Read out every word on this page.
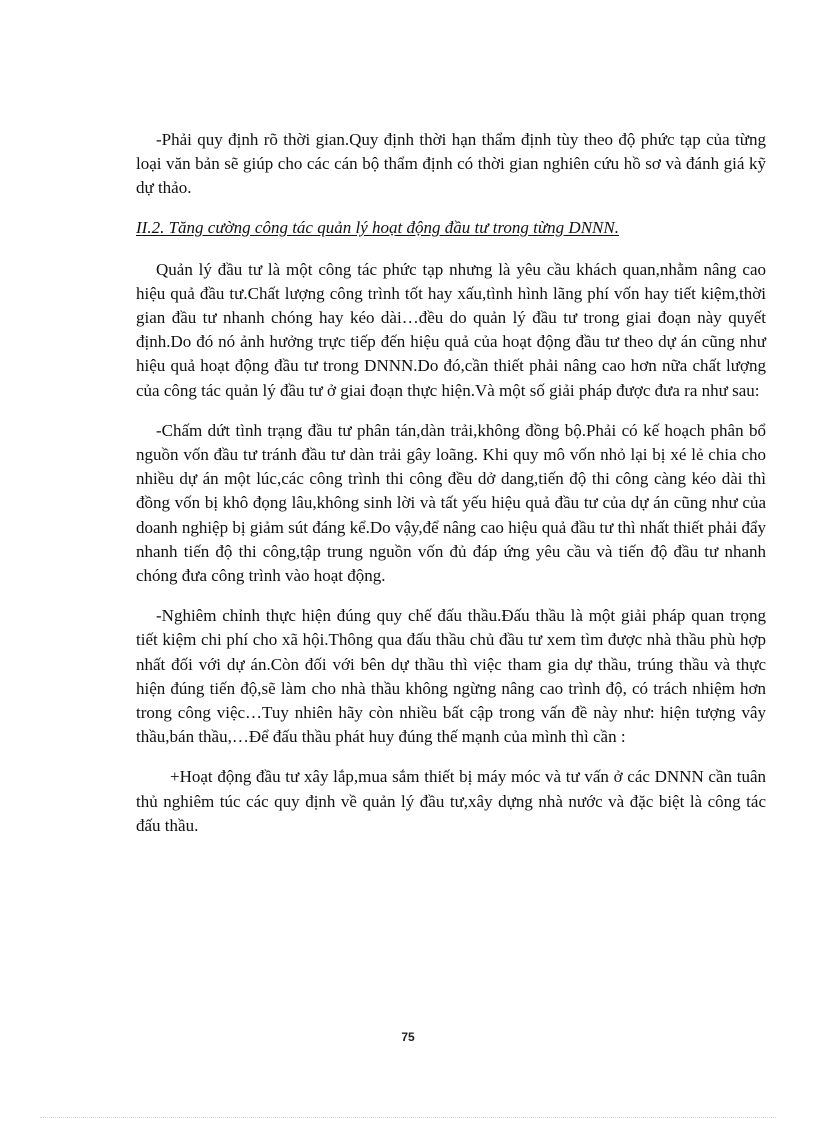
-Phải quy định rõ thời gian.Quy định thời hạn thẩm định tùy theo độ phức tạp của từng loại văn bản sẽ giúp cho các cán bộ thẩm định có thời gian nghiên cứu hồ sơ và đánh giá kỹ dự thảo.

II.2. Tăng cường công tác quản lý hoạt động đầu tư trong từng DNNN.

Quản lý đầu tư là một công tác phức tạp nhưng là yêu cầu khách quan,nhằm nâng cao hiệu quả đầu tư.Chất lượng công trình tốt hay xấu,tình hình lãng phí vốn hay tiết kiệm,thời gian đầu tư nhanh chóng hay kéo dài…đều do quản lý đầu tư trong giai đoạn này quyết định.Do đó nó ảnh hưởng trực tiếp đến hiệu quả của hoạt động đầu tư theo dự án cũng như hiệu quả hoạt động đầu tư trong DNNN.Do đó,cần thiết phải nâng cao hơn nữa chất lượng của công tác quản lý đầu tư ở giai đoạn thực hiện.Và một số giải pháp được đưa ra như sau:

-Chấm dứt tình trạng đầu tư phân tán,dàn trải,không đồng bộ.Phải có kế hoạch phân bổ nguồn vốn đầu tư tránh đầu tư dàn trải gây loãng. Khi quy mô vốn nhỏ lại bị xé lẻ chia cho nhiều dự án một lúc,các công trình thi công đều dở dang,tiến độ thi công càng kéo dài thì đồng vốn bị khô đọng lâu,không sinh lời và tất yếu hiệu quả đầu tư của dự án cũng như của doanh nghiệp bị giảm sút đáng kể.Do vậy,để nâng cao hiệu quả đầu tư thì nhất thiết phải đẩy nhanh tiến độ thi công,tập trung nguồn vốn đủ đáp ứng yêu cầu và tiến độ đầu tư nhanh chóng đưa công trình vào hoạt động.

-Nghiêm chỉnh thực hiện đúng quy chế đấu thầu.Đấu thầu là một giải pháp quan trọng tiết kiệm chi phí cho xã hội.Thông qua đấu thầu chủ đầu tư xem tìm được nhà thầu phù hợp nhất đối với dự án.Còn đối với bên dự thầu thì việc tham gia dự thầu, trúng thầu và thực hiện đúng tiến độ,sẽ làm cho nhà thầu không ngừng nâng cao trình độ, có trách nhiệm hơn trong công việc…Tuy nhiên hãy còn nhiều bất cập trong vấn đề này như: hiện tượng vây thầu,bán thầu,…Để đấu thầu phát huy đúng thế mạnh của mình thì cần :

+Hoạt động đầu tư xây lắp,mua sắm thiết bị máy móc và tư vấn ở các DNNN cần tuân thủ nghiêm túc các quy định về quản lý đầu tư,xây dựng nhà nước và đặc biệt là công tác đấu thầu.

75
